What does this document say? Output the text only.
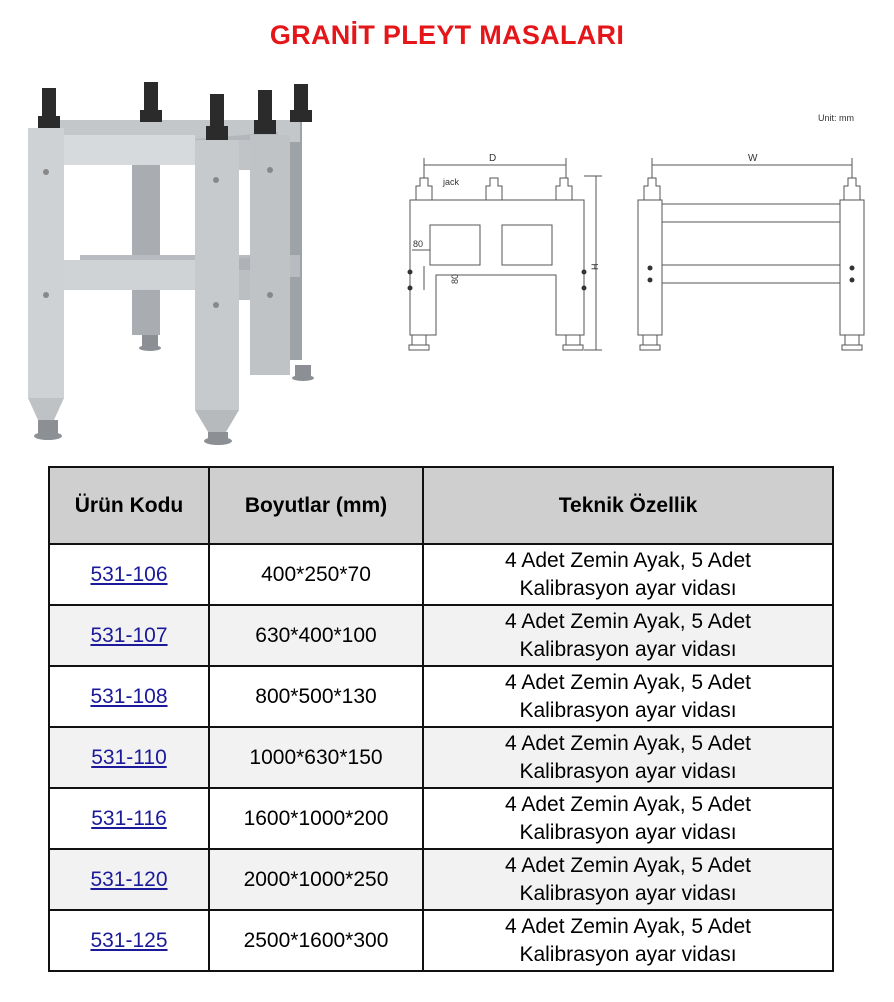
GRANİT PLEYT MASALARI
Unit: mm
D
jack
80
80
H
W
Ürün Kodu	Boyutlar (mm)	Teknik Özellik
531-106	400*250*70	4 Adet Zemin Ayak, 5 Adet
Kalibrasyon ayar vidası
531-107	630*400*100	4 Adet Zemin Ayak, 5 Adet
Kalibrasyon ayar vidası
531-108	800*500*130	4 Adet Zemin Ayak, 5 Adet
Kalibrasyon ayar vidası
531-110	1000*630*150	4 Adet Zemin Ayak, 5 Adet
Kalibrasyon ayar vidası
531-116	1600*1000*200	4 Adet Zemin Ayak, 5 Adet
Kalibrasyon ayar vidası
531-120	2000*1000*250	4 Adet Zemin Ayak, 5 Adet
Kalibrasyon ayar vidası
531-125	2500*1600*300	4 Adet Zemin Ayak, 5 Adet
Kalibrasyon ayar vidası
